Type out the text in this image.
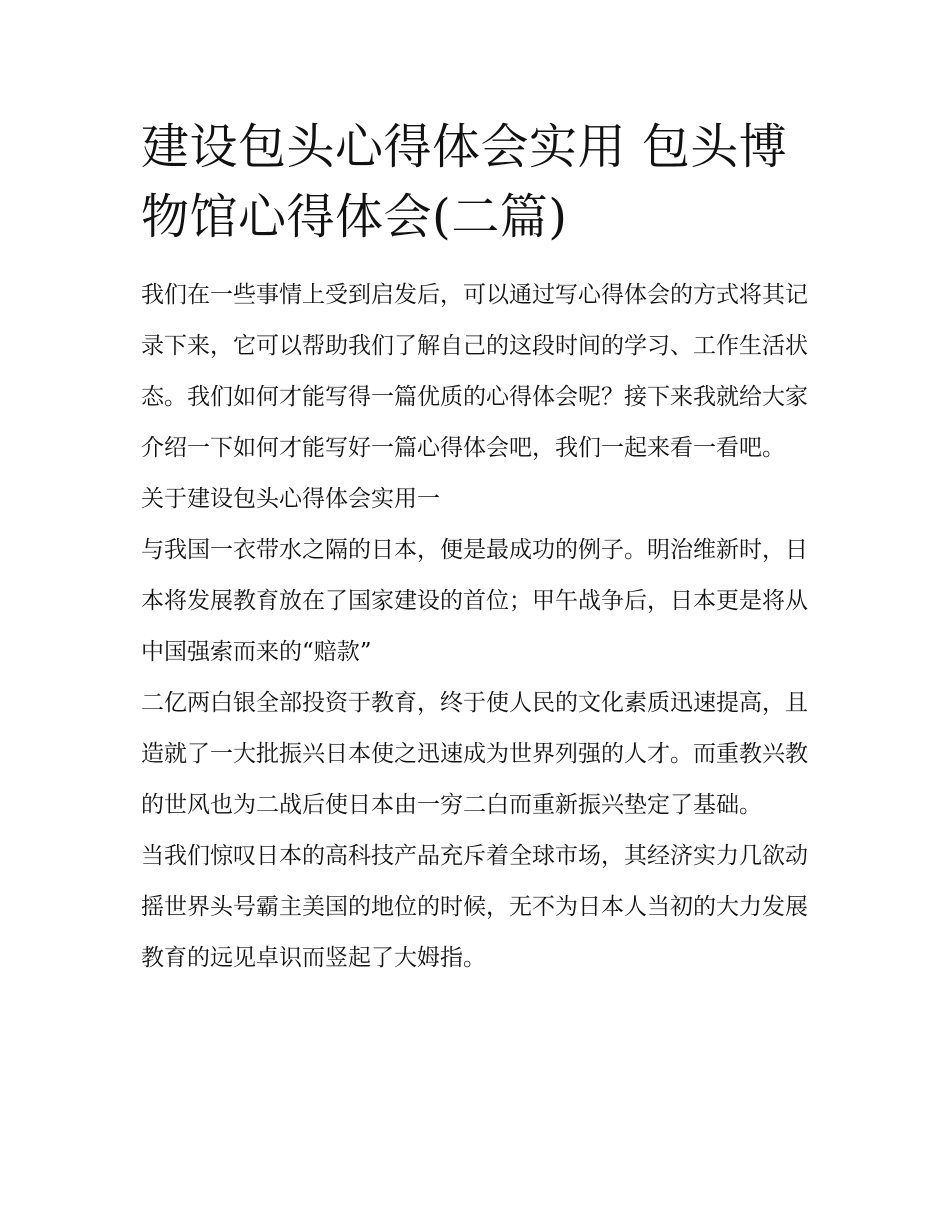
建设包头心得体会实用 包头博物馆心得体会(二篇)

我们在一些事情上受到启发后，可以通过写心得体会的方式将其记录下来，它可以帮助我们了解自己的这段时间的学习、工作生活状态。我们如何才能写得一篇优质的心得体会呢？接下来我就给大家介绍一下如何才能写好一篇心得体会吧，我们一起来看一看吧。

关于建设包头心得体会实用一

与我国一衣带水之隔的日本，便是最成功的例子。明治维新时，日本将发展教育放在了国家建设的首位；甲午战争后，日本更是将从中国强索而来的“赔款”

二亿两白银全部投资于教育，终于使人民的文化素质迅速提高，且造就了一大批振兴日本使之迅速成为世界列强的人才。而重教兴教的世风也为二战后使日本由一穷二白而重新振兴垫定了基础。

当我们惊叹日本的高科技产品充斥着全球市场，其经济实力几欲动摇世界头号霸主美国的地位的时候，无不为日本人当初的大力发展教育的远见卓识而竖起了大姆指。
